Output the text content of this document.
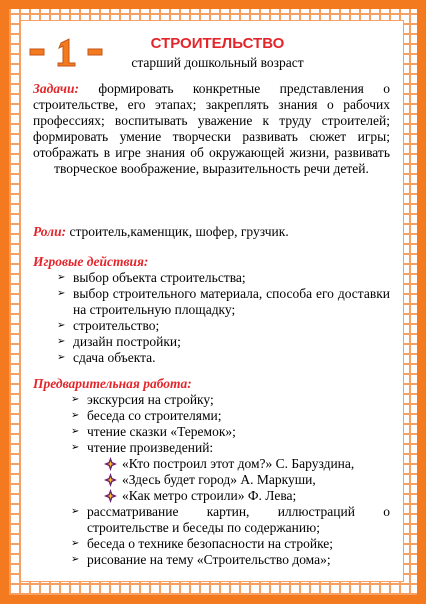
-1-
СТРОИТЕЛЬСТВО
старший дошкольный возраст
Задачи: формировать конкретные представления о строительстве, его этапах; закреплять знания о рабочих профессиях; воспитывать уважение к труду строителей; формировать умение творчески развивать сюжет игры; отображать в игре знания об окружающей жизни, развивать творческое воображение, выразительность речи детей.
Роли: строитель,каменщик, шофер, грузчик.
Игровые действия:
➢ выбор объекта строительства;
➢ выбор строительного материала, способа его доставки на строительную площадку;
➢ строительство;
➢ дизайн постройки;
➢ сдача объекта.
Предварительная работа:
➢ экскурсия на стройку;
➢ беседа со строителями;
➢ чтение сказки «Теремок»;
➢ чтение произведений:
«Кто построил этот дом?» С. Баруздина,
«Здесь будет город» А. Маркуши,
«Как метро строили» Ф. Лева;
➢ рассматривание картин, иллюстраций о строительстве и беседы по содержанию;
➢ беседа о технике безопасности на стройке;
➢ рисование на тему «Строительство дома»;
